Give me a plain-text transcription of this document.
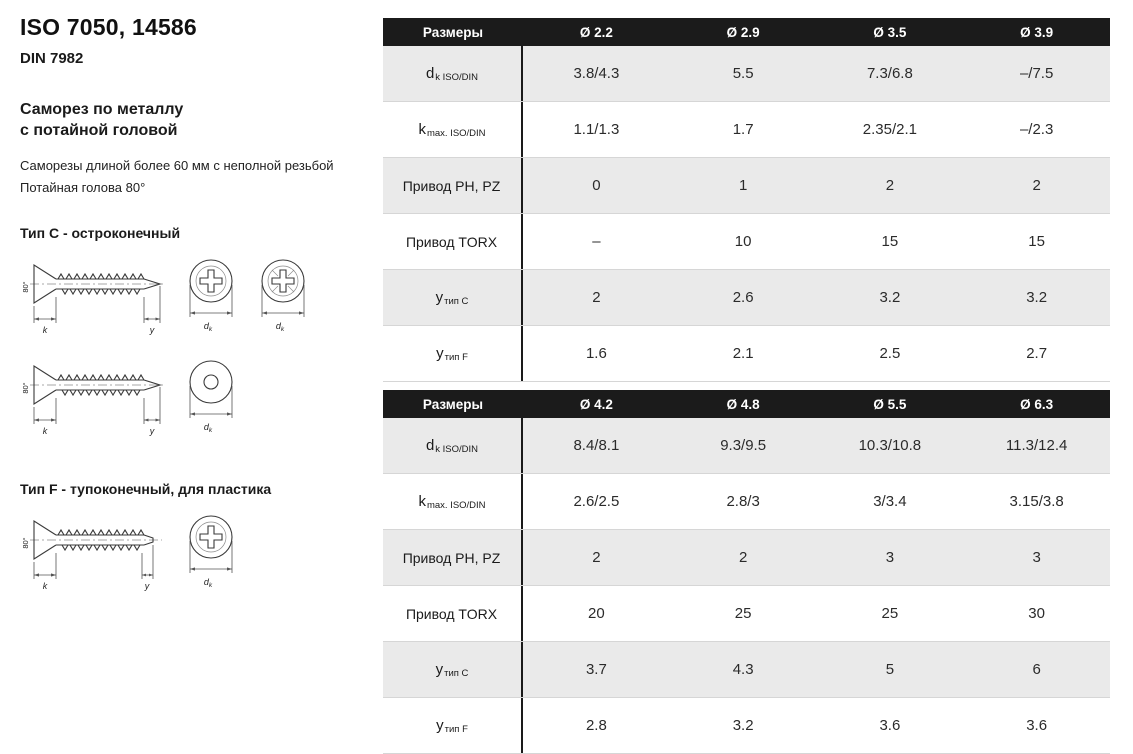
ISO 7050, 14586
DIN 7982
Саморез по металлу
с потайной головой
Саморезы длиной более 60 мм с неполной резьбой
Потайная голова 80°
Тип C - остроконечный
80°
k	y	$d_k$	$d_k$
80°
k	y	$d_k$
Тип F - тупоконечный, для пластика
80°
k	y	$d_k$
Размеры	Ø 2.2	Ø 2.9	Ø 3.5	Ø 3.9
d k ISO/DIN	3.8/4.3	5.5	7.3/6.8	–/7.5
k max. ISO/DIN	1.1/1.3	1.7	2.35/2.1	–/2.3
Привод PH, PZ	0	1	2	2
Привод TORX	–	10	15	15
y тип C	2	2.6	3.2	3.2
y тип F	1.6	2.1	2.5	2.7
Размеры	Ø 4.2	Ø 4.8	Ø 5.5	Ø 6.3
d k ISO/DIN	8.4/8.1	9.3/9.5	10.3/10.8	11.3/12.4
k max. ISO/DIN	2.6/2.5	2.8/3	3/3.4	3.15/3.8
Привод PH, PZ	2	2	3	3
Привод TORX	20	25	25	30
y тип C	3.7	4.3	5	6
y тип F	2.8	3.2	3.6	3.6
